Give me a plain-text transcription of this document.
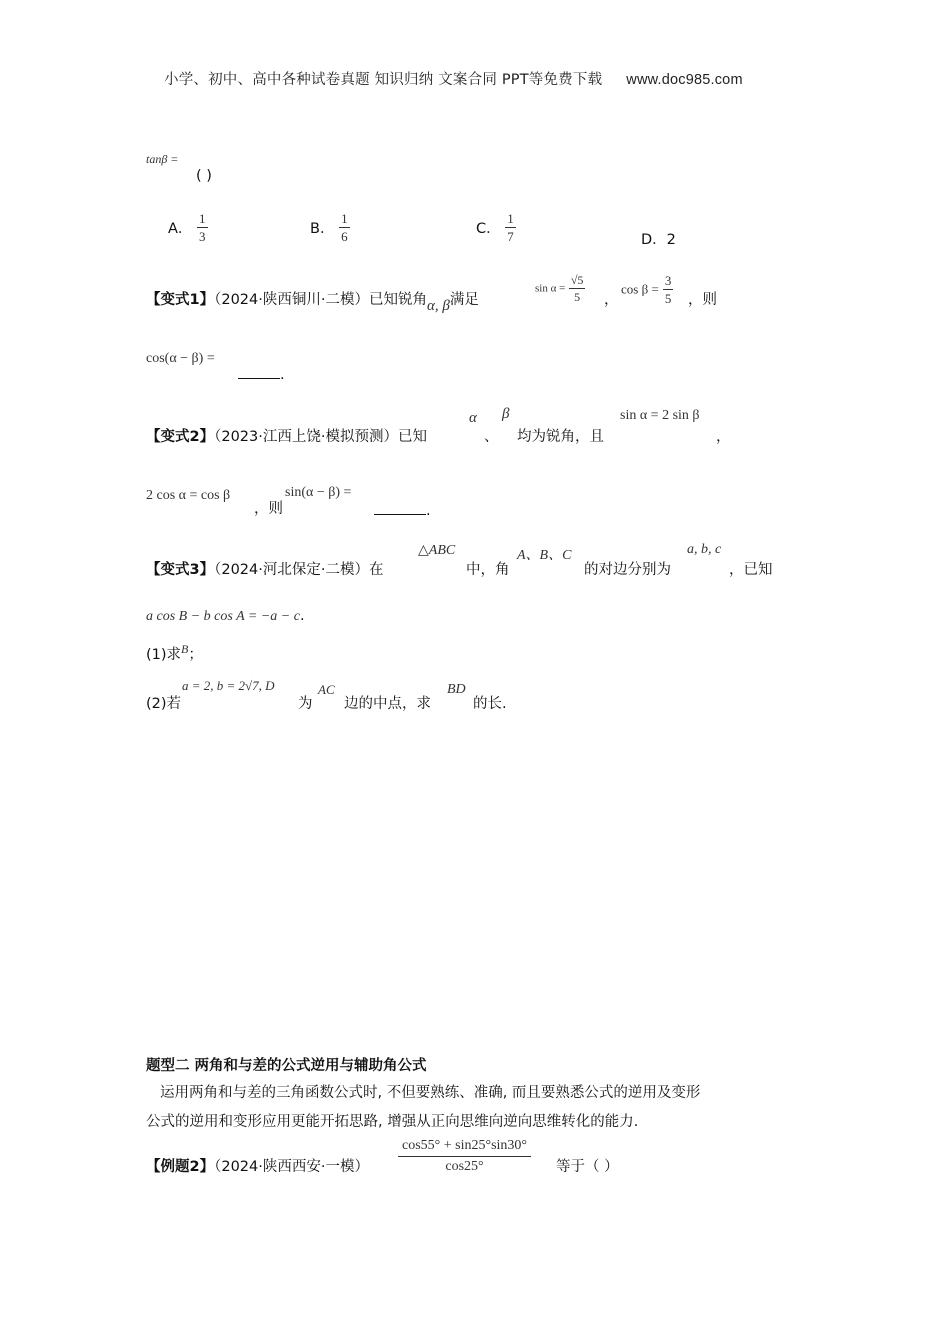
小学、初中、高中各种试卷真题 知识归纳 文案合同 PPT等免费下载 www.doc985.com
tanβ =
( )
A． $\frac{1}{3}$	B． $\frac{1}{6}$	C． $\frac{1}{7}$	D．2
【变式1】（2024·陕西铜川·二模）已知锐角α, β满足
$\sin \alpha = \frac{√5}{5}$ ，
$\cos \beta = \frac{3}{5}$ ，则
cos(α − β) =
.
【变式2】（2023·江西上饶·模拟预测）已知
α
、
β
均为锐角，且
sin α = 2 sin β
，
2 cos α = cos β
，则
sin(α − β) =
.
【变式3】（2024·河北保定·二模）在
△ABC
中，角
A、B、C
的对边分别为
a, b, c
，已知
a cos B − b cos A = −a − c.
(1)求$^B$；
(2)若
a = 2, b = 2√7, D
为
AC
边的中点，求
BD
的长.
题型二 两角和与差的公式逆用与辅助角公式
运用两角和与差的三角函数公式时, 不但要熟练、准确, 而且要熟悉公式的逆用及变形
公式的逆用和变形应用更能开拓思路, 增强从正向思维向逆向思维转化的能力.
【例题2】（2024·陕西西安·一模） $\frac{\cos 55^\circ + \sin 25^\circ\sin 30^\circ}{\cos 25^\circ}$ 等于（ ）
